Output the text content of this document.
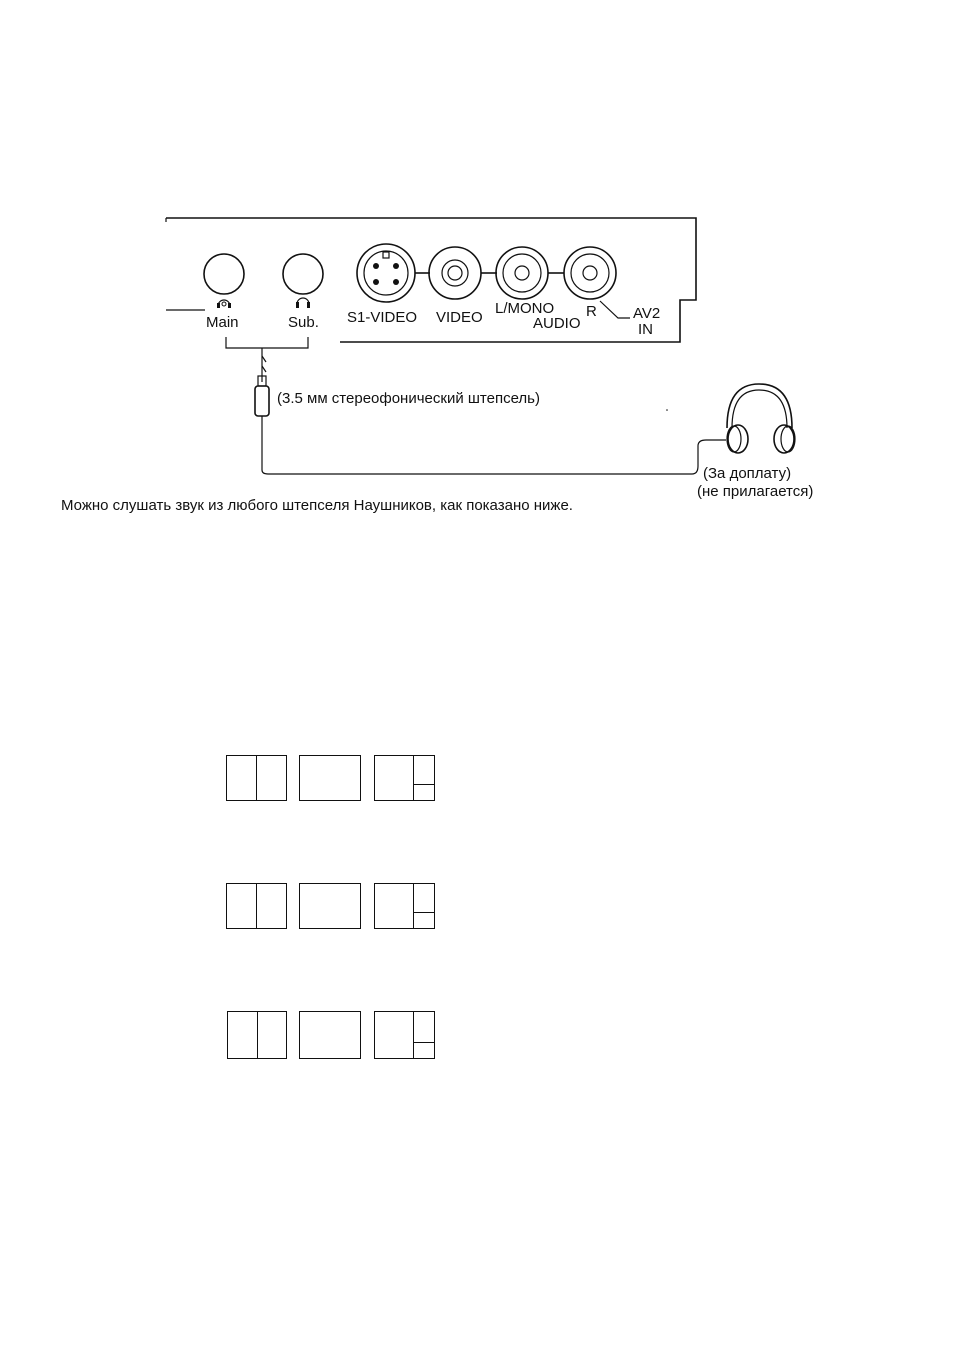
Main	Sub. S1-VIDEO VIDEO
L/MONO
AUDIO
R AV2
IN
(3.5 мм стереофонический штепсель)
(За доплату)
(не прилагается)
Можно слушать звук из любого штепселя Наушников, как показано ниже.
